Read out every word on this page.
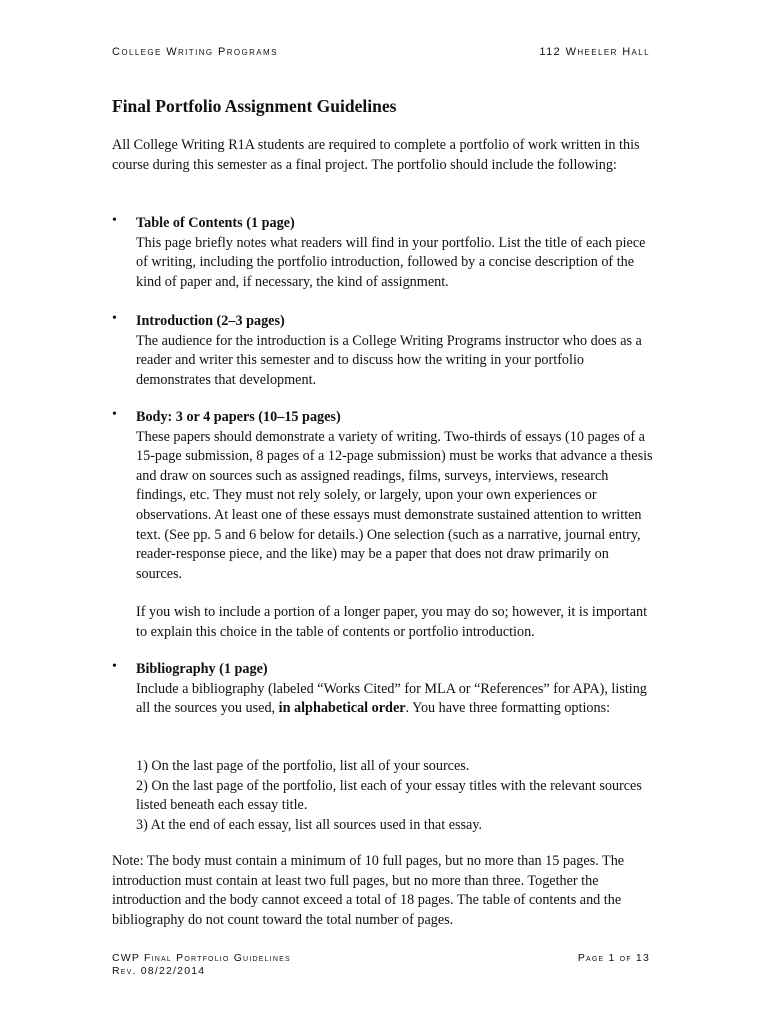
College Writing Programs	112 Wheeler Hall
Final Portfolio Assignment Guidelines
All College Writing R1A students are required to complete a portfolio of work written in this course during this semester as a final project. The portfolio should include the following:
• Table of Contents (1 page)
This page briefly notes what readers will find in your portfolio. List the title of each piece of writing, including the portfolio introduction, followed by a concise description of the kind of paper and, if necessary, the kind of assignment.
• Introduction (2–3 pages)
The audience for the introduction is a College Writing Programs instructor who does as a reader and writer this semester and to discuss how the writing in your portfolio demonstrates that development.
• Body: 3 or 4 papers (10–15 pages)
These papers should demonstrate a variety of writing. Two-thirds of essays (10 pages of a 15-page submission, 8 pages of a 12-page submission) must be works that advance a thesis and draw on sources such as assigned readings, films, surveys, interviews, research findings, etc. They must not rely solely, or largely, upon your own experiences or observations. At least one of these essays must demonstrate sustained attention to written text. (See pp. 5 and 6 below for details.) One selection (such as a narrative, journal entry, reader-response piece, and the like) may be a paper that does not draw primarily on sources.
If you wish to include a portion of a longer paper, you may do so; however, it is important to explain this choice in the table of contents or portfolio introduction.
• Bibliography (1 page)
Include a bibliography (labeled “Works Cited” for MLA or “References” for APA), listing all the sources you used, in alphabetical order. You have three formatting options:
1) On the last page of the portfolio, list all of your sources.
2) On the last page of the portfolio, list each of your essay titles with the relevant sources listed beneath each essay title.
3) At the end of each essay, list all sources used in that essay.
Note: The body must contain a minimum of 10 full pages, but no more than 15 pages. The introduction must contain at least two full pages, but no more than three. Together the introduction and the body cannot exceed a total of 18 pages. The table of contents and the bibliography do not count toward the total number of pages.
CWP Final Portfolio Guidelines
Rev. 08/22/2014
Page 1 of 13
